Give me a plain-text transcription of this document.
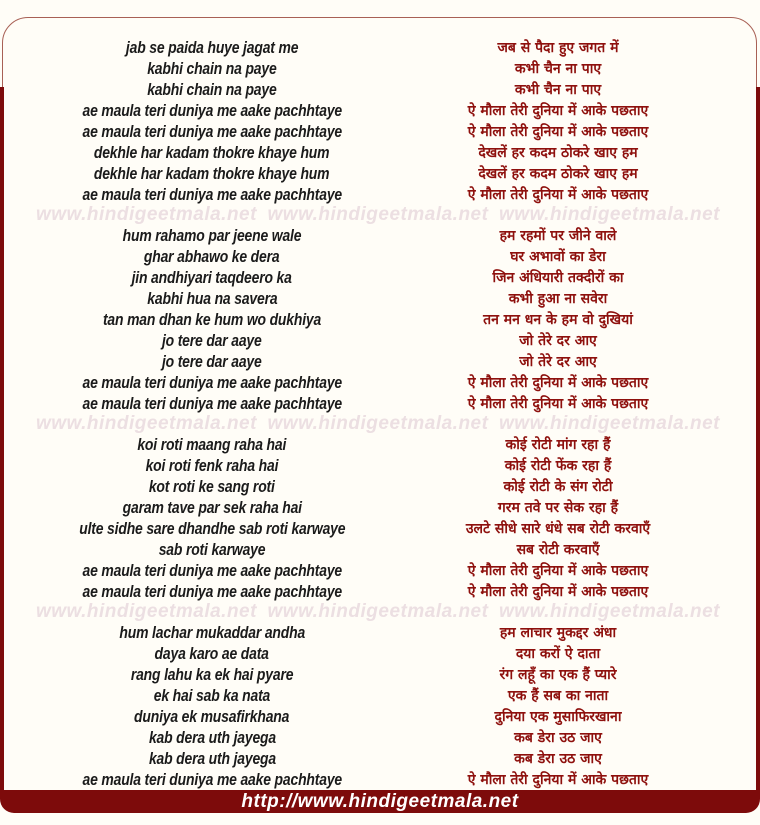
jab se paida huye jagat me	जब से पैदा हुए जगत में
kabhi chain na paye	कभी चैन ना पाए
kabhi chain na paye	कभी चैन ना पाए
ae maula teri duniya me aake pachhtaye	ऐ मौला तेरी दुनिया में आके पछताए
ae maula teri duniya me aake pachhtaye	ऐ मौला तेरी दुनिया में आके पछताए
dekhle har kadam thokre khaye hum	देखलें हर कदम ठोकरे खाए हम
dekhle har kadam thokre khaye hum	देखलें हर कदम ठोकरे खाए हम
ae maula teri duniya me aake pachhtaye	ऐ मौला तेरी दुनिया में आके पछताए
www.hindigeetmala.net www.hindigeetmala.net www.hindigeetmala.net
hum rahamo par jeene wale	हम रहमों पर जीने वाले
ghar abhawo ke dera	घर अभावों का डेरा
jin andhiyari taqdeero ka	जिन अंधियारी तक्दीरों का
kabhi hua na savera	कभी हुआ ना सवेरा
tan man dhan ke hum wo dukhiya	तन मन धन के हम वो दुखियां
jo tere dar aaye	जो तेरे दर आए
jo tere dar aaye	जो तेरे दर आए
ae maula teri duniya me aake pachhtaye	ऐ मौला तेरी दुनिया में आके पछताए
ae maula teri duniya me aake pachhtaye	ऐ मौला तेरी दुनिया में आके पछताए
www.hindigeetmala.net www.hindigeetmala.net www.hindigeetmala.net
koi roti maang raha hai	कोई रोटी मांग रहा हैं
koi roti fenk raha hai	कोई रोटी फेंक रहा हैं
kot roti ke sang roti	कोई रोटी के संग रोटी
garam tave par sek raha hai	गरम तवे पर सेक रहा हैं
ulte sidhe sare dhandhe sab roti karwaye	उलटे सीधे सारे धंधे सब रोटी करवाएँ
sab roti karwaye	सब रोटी करवाएँ
ae maula teri duniya me aake pachhtaye	ऐ मौला तेरी दुनिया में आके पछताए
ae maula teri duniya me aake pachhtaye	ऐ मौला तेरी दुनिया में आके पछताए
www.hindigeetmala.net www.hindigeetmala.net www.hindigeetmala.net
hum lachar mukaddar andha	हम लाचार मुकद्दर अंधा
daya karo ae data	दया करों ऐ दाता
rang lahu ka ek hai pyare	रंग लहूँ का एक हैं प्यारे
ek hai sab ka nata	एक हैं सब का नाता
duniya ek musafirkhana	दुनिया एक मुसाफिरखाना
kab dera uth jayega	कब डेरा उठ जाए
kab dera uth jayega	कब डेरा उठ जाए
ae maula teri duniya me aake pachhtaye	ऐ मौला तेरी दुनिया में आके पछताए
http://www.hindigeetmala.net
